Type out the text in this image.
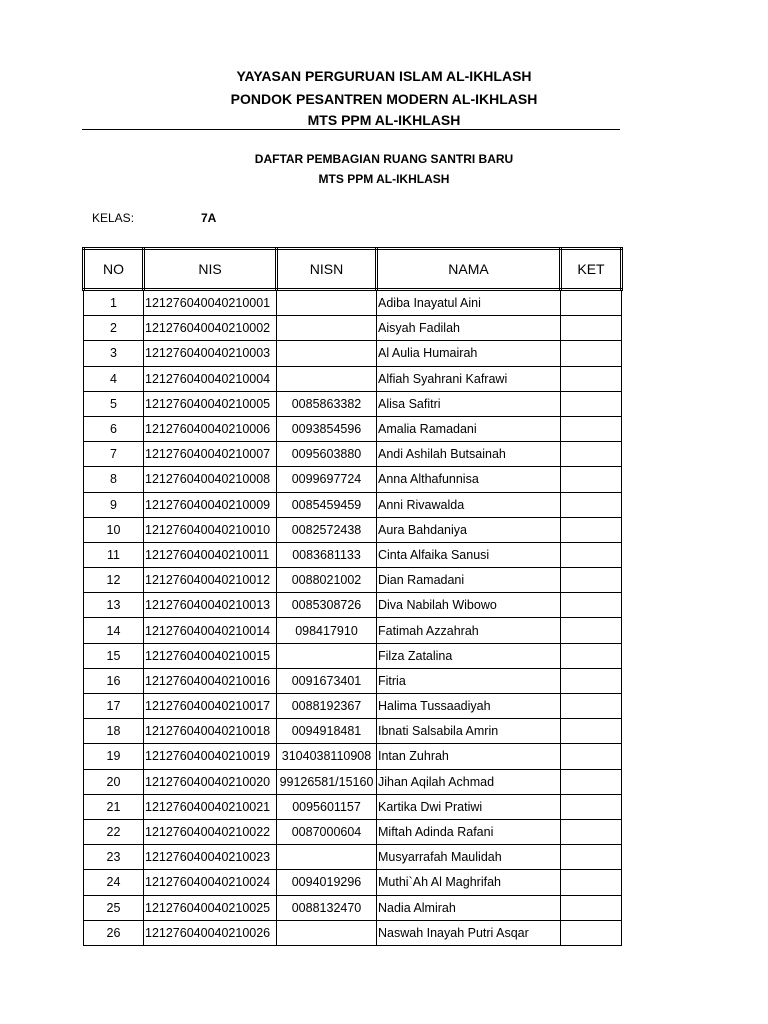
YAYASAN PERGURUAN ISLAM AL-IKHLASH
PONDOK PESANTREN MODERN AL-IKHLASH
MTS PPM AL-IKHLASH
DAFTAR PEMBAGIAN RUANG SANTRI BARU
MTS PPM AL-IKHLASH
KELAS:	7A
NO	NIS	NISN	NAMA	KET
1	121276040040210001		Adiba Inayatul Aini	
2	121276040040210002		Aisyah Fadilah	
3	121276040040210003		Al Aulia Humairah	
4	121276040040210004		Alfiah Syahrani Kafrawi	
5	121276040040210005	0085863382	Alisa Safitri	
6	121276040040210006	0093854596	Amalia Ramadani	
7	121276040040210007	0095603880	Andi Ashilah Butsainah	
8	121276040040210008	0099697724	Anna Althafunnisa	
9	121276040040210009	0085459459	Anni Rivawalda	
10	121276040040210010	0082572438	Aura Bahdaniya	
11	121276040040210011	0083681133	Cinta Alfaika Sanusi	
12	121276040040210012	0088021002	Dian Ramadani	
13	121276040040210013	0085308726	Diva Nabilah Wibowo	
14	121276040040210014	098417910	Fatimah Azzahrah	
15	121276040040210015		Filza Zatalina	
16	121276040040210016	0091673401	Fitria	
17	121276040040210017	0088192367	Halima Tussaadiyah	
18	121276040040210018	0094918481	Ibnati Salsabila Amrin	
19	121276040040210019	3104038110908	Intan Zuhrah	
20	121276040040210020	99126581/15160	Jihan Aqilah Achmad	
21	121276040040210021	0095601157	Kartika Dwi Pratiwi	
22	121276040040210022	0087000604	Miftah Adinda Rafani	
23	121276040040210023		Musyarrafah Maulidah	
24	121276040040210024	0094019296	Muthi`Ah Al Maghrifah	
25	121276040040210025	0088132470	Nadia Almirah	
26	121276040040210026		Naswah Inayah Putri Asqar	
